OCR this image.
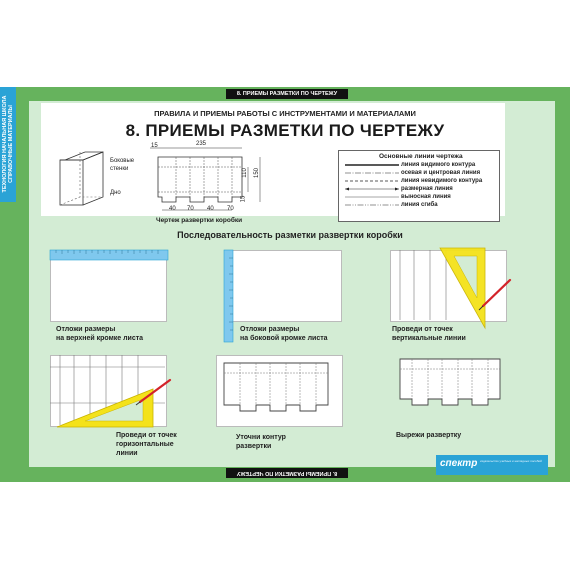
8. ПРИЕМЫ РАЗМЕТКИ ПО ЧЕРТЕЖУ
8. ПРИЕМЫ РАЗМЕТКИ ПО ЧЕРТЕЖУ
ТЕХНОЛОГИЯ НАЧАЛЬНАЯ ШКОЛА СПРАВОЧНЫЕ МАТЕРИАЛЫ	ПРАВИЛА И ПРИЕМЫ РАБОТЫ С ИНСТРУМЕНТАМИ И МАТЕРИАЛАМИ
8. ПРИЕМЫ РАЗМЕТКИ ПО ЧЕРТЕЖУ
Боковые
стенки
Дно
15	235
110 150
15
40 70 40 70
Чертеж развертки коробки
Основные линии чертежа
линия видимого контура
осевая и центровая линия
линия невидимого контура
размерная линия
выносная линия
линия сгиба
Последовательность разметки развертки коробки
Отложи размеры
на верхней кромке листа
Отложи размеры
на боковой кромке листа
Проведи от точек
вертикальные линии
Проведи от точек
горизонтальные
линии
Уточни контур
развертки
Вырежи развертку
спектр издательство учебных и наглядных пособий
